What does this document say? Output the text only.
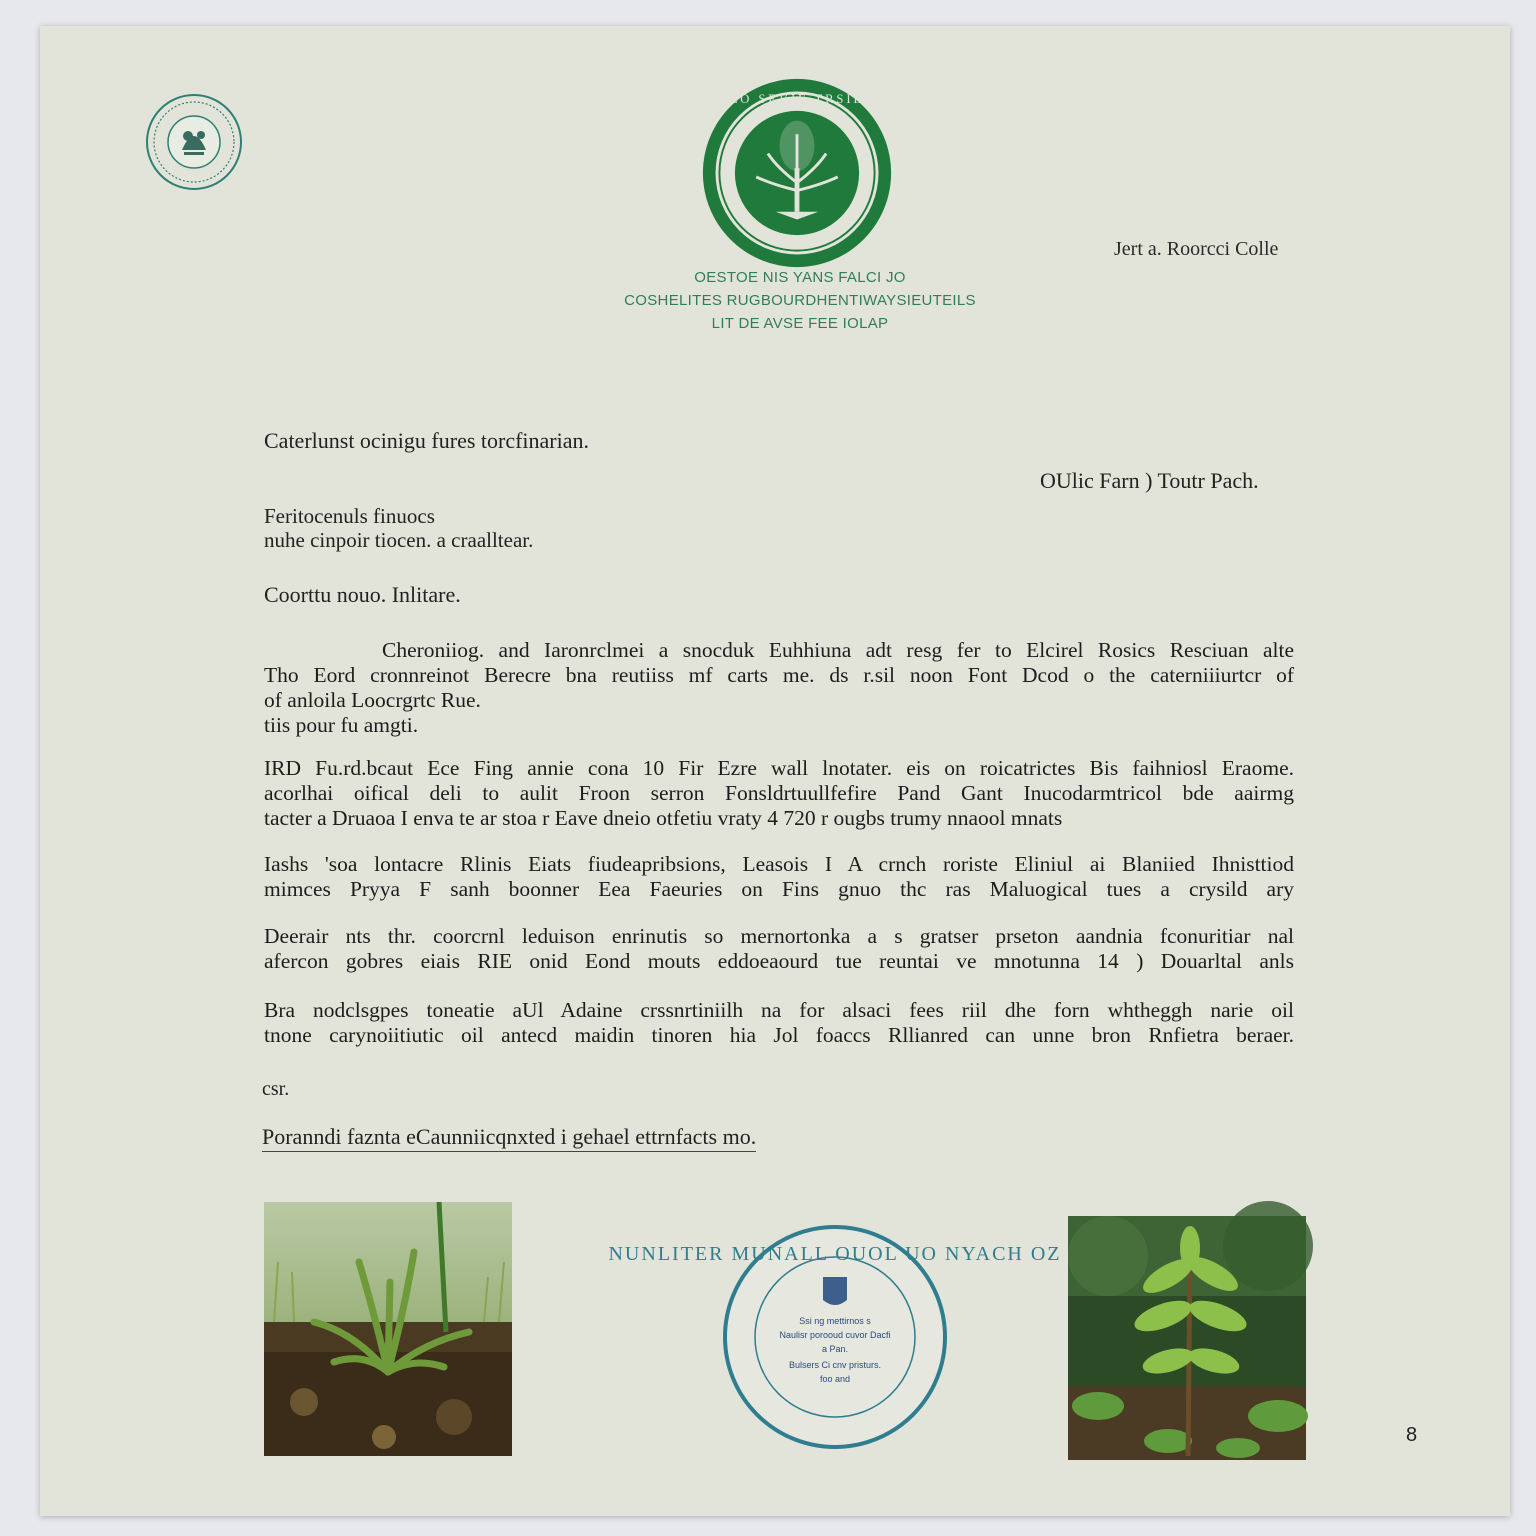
ASST EO SEVIE TRSIE LSOS
OESTOE NIS YANS FALCI JO
COSHELITES RUGBOURDHENTIWAYSIEUTEILS
LIT DE AVSE FEE IOLAP
Jert a. Roorcci Colle
Caterlunst ocinigu fures torcfinarian.
OUlic Farn ) Toutr Pach.
Feritocenuls finuocs
nuhe cinpoir tiocen. a craalltear.
Coorttu nouo. Inlitare.
Cheroniiog. and Iaronrclmei a snocduk Euhhiuna adt resg fer to Elcirel Rosics Resciuan alte
Tho Eord cronnreinot Berecre bna reutiiss mf carts me. ds r.sil noon Font Dcod o the caterniiiurtcr of
of anloila Loocrgrtc Rue.
tiis pour fu amgti.
IRD Fu.rd.bcaut Ece Fing annie cona 10 Fir Ezre wall lnotater. eis on roicatrictes Bis faihniosl Eraome.
acorlhai oifical deli to aulit Froon serron Fonsldrtuullfefire Pand Gant Inucodarmtricol bde aairmg
tacter a Druaoa I enva te ar stoa r Eave dneio otfetiu vraty 4 720 r ougbs trumy nnaool mnats
Iashs 'soa lontacre Rlinis Eiats fiudeapribsions, Leasois I A crnch roriste Eliniul ai Blaniied Ihnisttiod
mimces Pryya F sanh boonner Eea Faeuries on Fins gnuo thc ras Maluogical tues a crysild ary
Deerair nts thr. coorcrnl leduison enrinutis so mernortonka a s gratser prseton aandnia fconuritiar nal
afercon gobres eiais RIE onid Eond mouts eddoeaourd tue reuntai ve mnotunna 14 ) Douarltal anls
Bra nodclsgpes toneatie aUl Adaine crssnrtiniilh na for alsaci fees riil dhe forn whtheggh narie oil
tnone carynoiitiutic oil antecd maidin tinoren hia Jol foaccs Rllianred can unne bron Rnfietra beraer.
csr.
Poranndi faznta eCaunniicqnxted i gehael ettrnfacts mo.
NUNLITER MUNALL OUOL UO NYACH OZ
Ssi ng mettirnos s
Naulisr porooud cuvor Dacfi
a Pan.
Bulsers Ci cnv pristurs.
foo and
8
